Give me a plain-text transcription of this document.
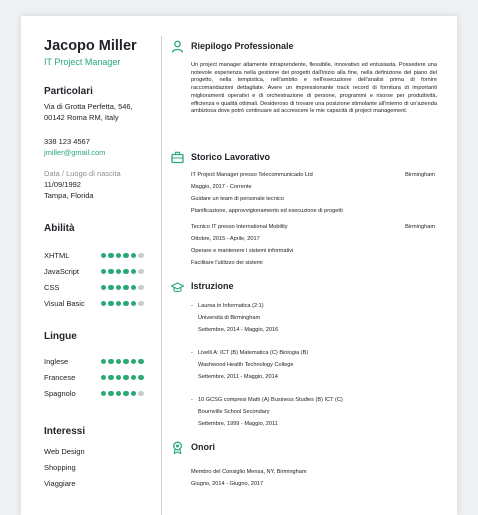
Jacopo Miller
IT Project Manager
Particolari
Via di Grotta Perfetta, 546,
00142 Roma RM, Italy
338 123 4567
jmiller@gmail.com
Data / Luogo di nascita
11/09/1992
Tampa, Florida
Abilità
XHTML
JavaScript
CSS
Visual Basic
Lingue
Inglese
Francese
Spagnolo
Interessi
Web Design
Shopping
Viaggiare
Riepilogo Professionale
Un project manager altamente intraprendente, flessibile, innovativo ed entusiasta. Possedere una notevole esperienza nella gestione dei progetti dall'inizio alla fine, nella definizione del piano del progetto, nella tempistica, nell'ambito e nell'esecuzione dell'analisi prima di fornire raccomandazioni dettagliate. Avere un impressionante track record di fornitura di importanti miglioramenti operativi e di orchestrazione di persone, programmi e risorse per produttività, efficienza e qualità ottimali. Desideroso di trovare una posizione stimolante all'interno di un'azienda ambiziosa dove potrò continuare ad accrescere le mie capacità di project management.
Storico Lavorativo
IT Project Manager presso Telecommunicado Ltd	Birmingham
Maggio, 2017 - Corrente
Guidare un team di personale tecnico
Pianificazione, approvvigionamento ed esecuzione di progetti
Tecnico IT presso International Mobility	Birmingham
Ottobre, 2015 - Aprile, 2017
Operare e mantenere i sistemi informativi
Facilitare l'utilizzo dei sistemi
Istruzione
- Laurea in Informatica (2:1)
Università di Birmingham
Settembre, 2014 - Maggio, 2016
- Livelli A: ICT (B) Matematica (C) Biologia (B)
Washwood Health Technology College
Settembre, 2011 - Maggio, 2014
- 10 GCSG compresi Math (A) Business Studies (B) ICT (C)
Bournville School Secondary
Settembre, 1999 - Maggio, 2011
Onori
Membro del Consiglio Mensa, NY, Birmingham
Giugno, 2014 - Giugno, 2017
